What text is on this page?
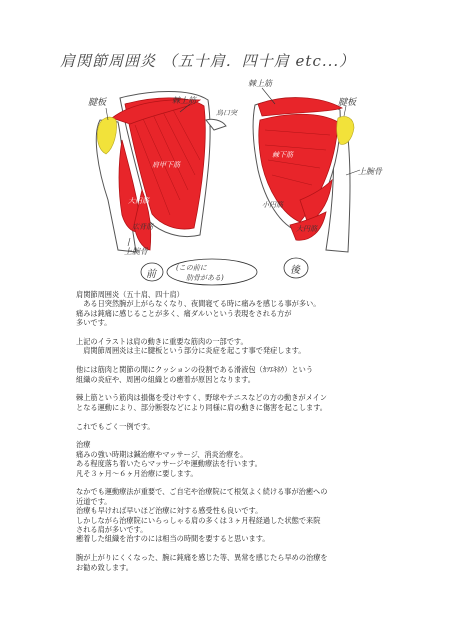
肩関節周囲炎 （五十肩．四十肩 etc...）
腱板	棘上筋
烏口突
肩甲下筋
大円筋
広背筋
上腕骨
棘上筋
腱板
棘下筋
小円筋
大円筋
上腕骨
前
(この前に
肋骨がある)
後

肩関節周囲炎（五十肩、四十肩）

　ある日突然腕が上がらなくなり、夜間寝てる時に痛みを感じる事が多い。

痛みは鈍痛に感じることが多く、痛ダルいという表現をされる方が

多いです。

上記のイラストは肩の動きに重要な筋肉の一部です。

　肩関節周囲炎は主に腱板という部分に炎症を起こす事で発症します。

他には筋肉と関節の間にクッションの役割である滑液包（ｶﾂｴｷﾎｳ）という

組織の炎症や、周囲の組織との癒着が原因となります。

棘上筋という筋肉は損傷を受けやすく、野球やテニスなどの方の動きがメイン

となる運動により、部分断裂などにより同様に肩の動きに傷害を起こします。

これでもごく一例です。

治療

痛みの強い時期は鍼治療やマッサージ、消炎治療を。

ある程度落ち着いたらマッサージや運動療法を行います。

凡そ３ヶ月〜６ヶ月治療に要します。

なかでも運動療法が重要で、ご自宅や治療院にて根気よく続ける事が治癒への

近道です。

治療も早ければ早いほど治療に対する感受性も良いです。

しかしながら治療院にいらっしゃる肩の多くは３ヶ月程経過した状態で来院

される肩が多いです。

癒着した組織を治すのには相当の時間を要すると思います。

腕が上がりにくくなった、腕に鈍痛を感じた等、異常を感じたら早めの治療を

お勧め致します。
